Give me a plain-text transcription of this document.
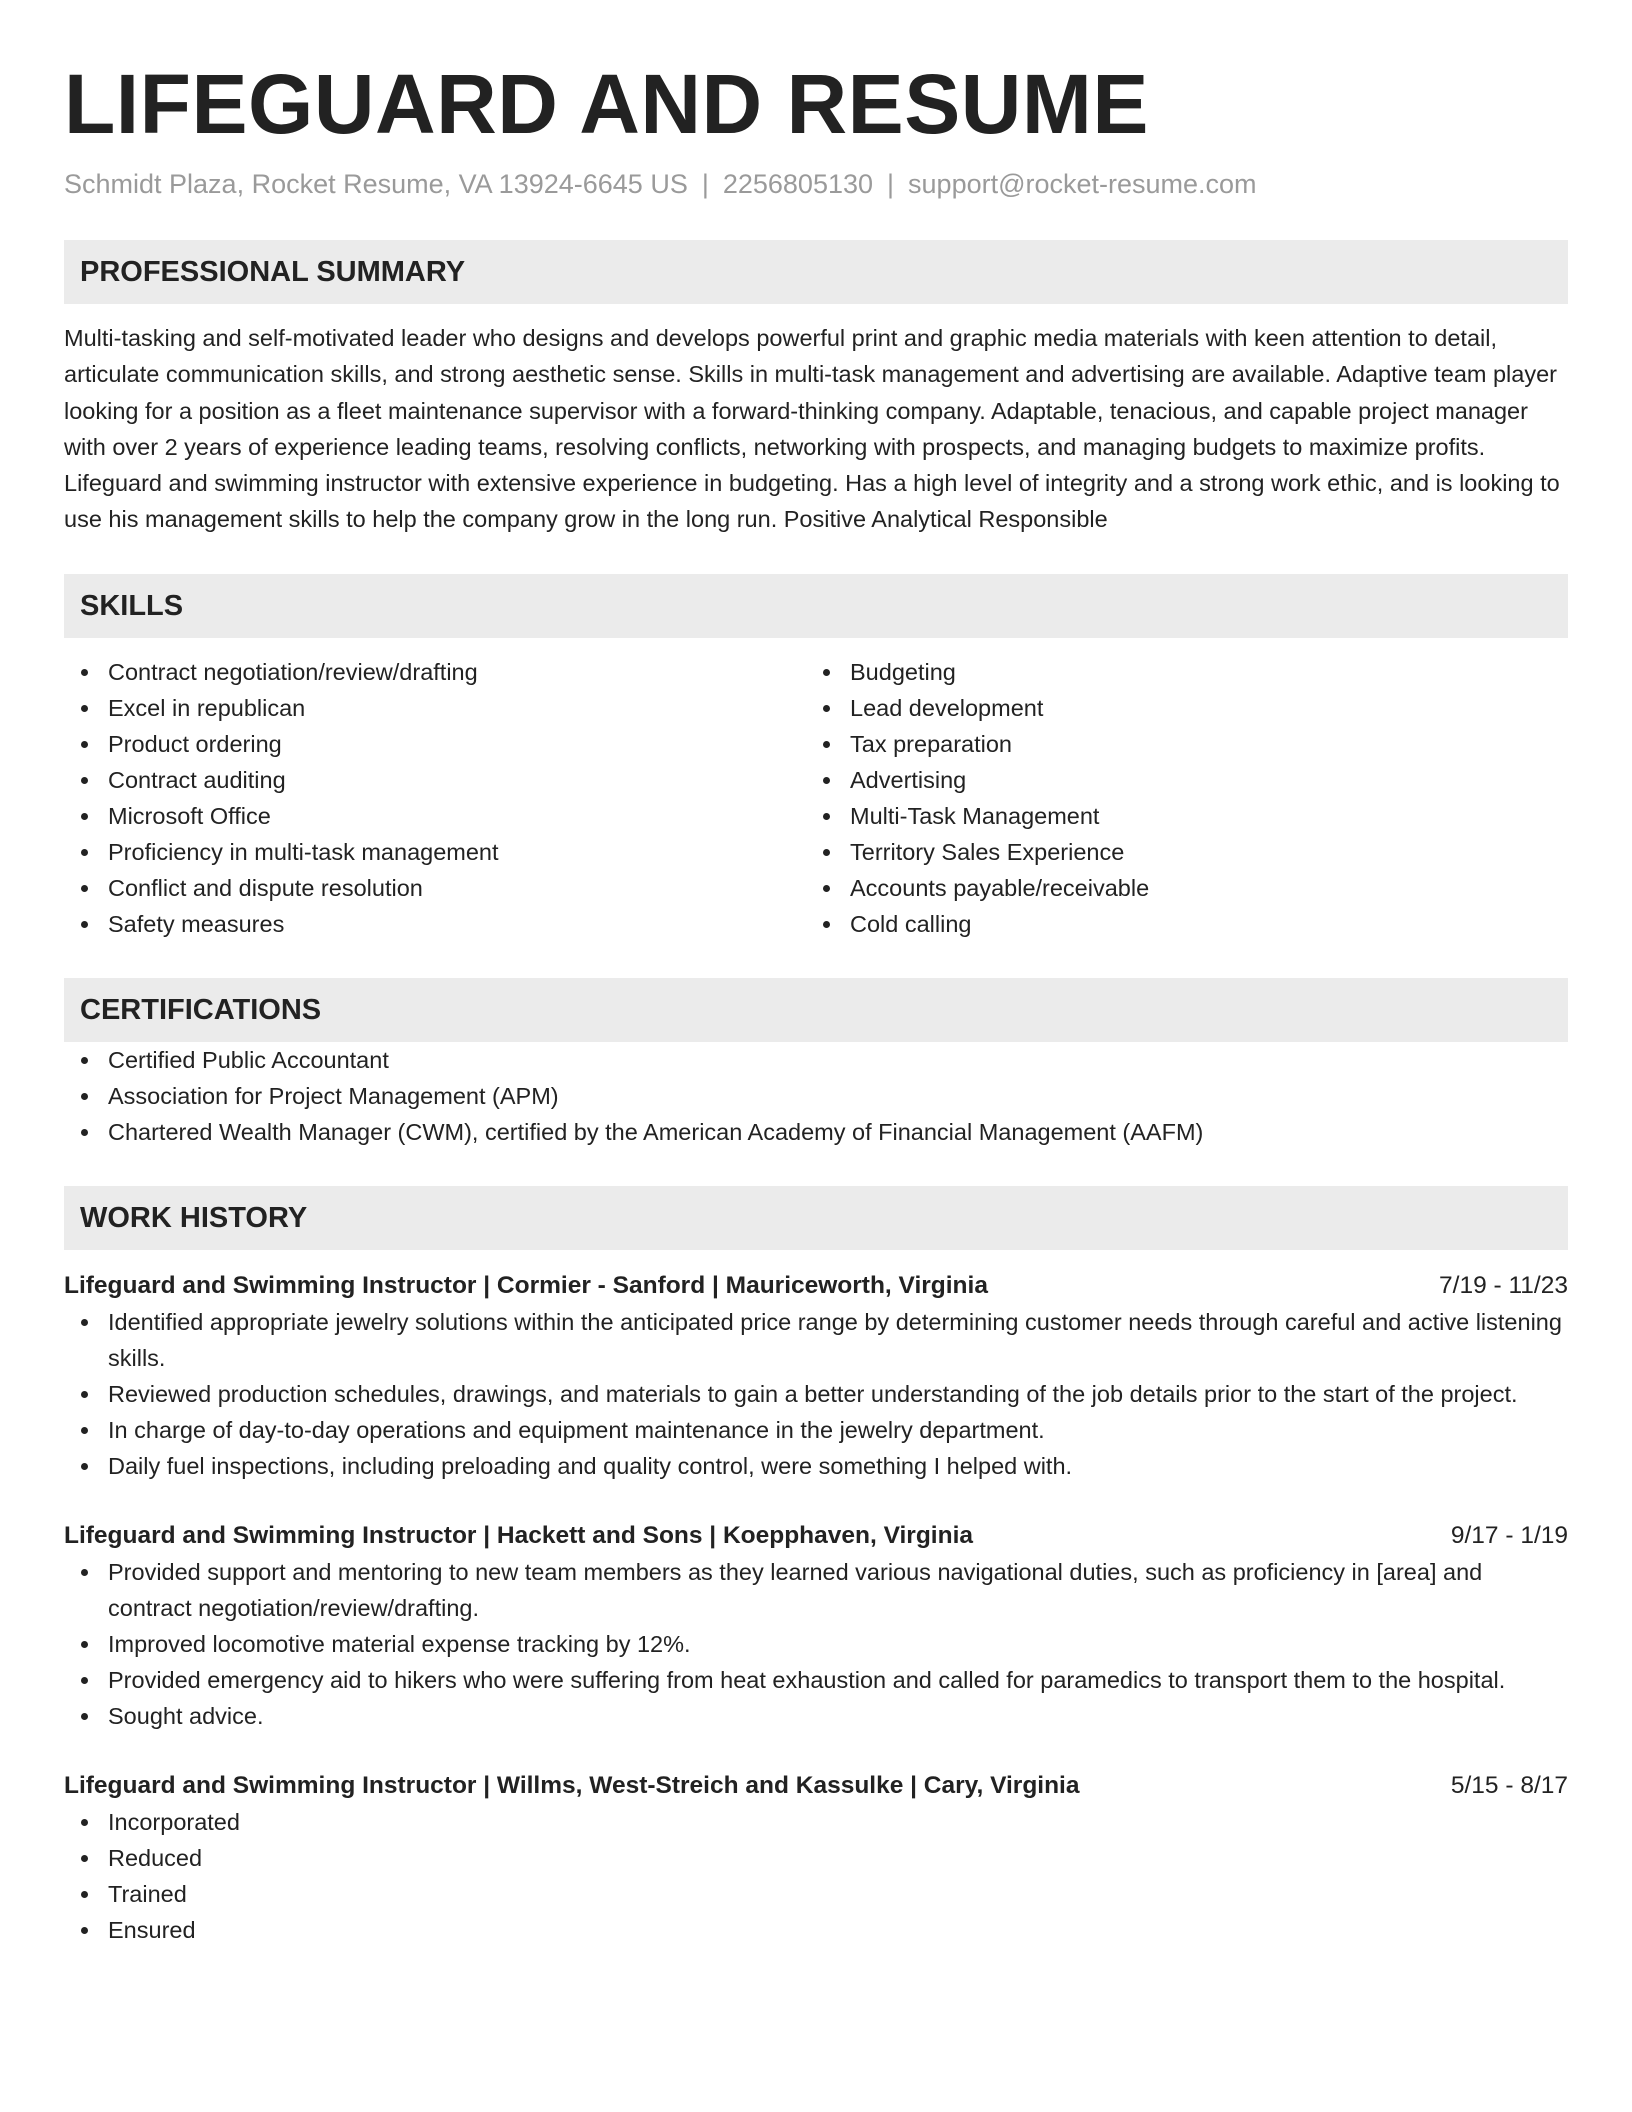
LIFEGUARD AND RESUME
Schmidt Plaza, Rocket Resume, VA 13924-6645 US | 2256805130 | support@rocket-resume.com
PROFESSIONAL SUMMARY
Multi-tasking and self-motivated leader who designs and develops powerful print and graphic media materials with keen attention to detail, articulate communication skills, and strong aesthetic sense. Skills in multi-task management and advertising are available. Adaptive team player looking for a position as a fleet maintenance supervisor with a forward-thinking company. Adaptable, tenacious, and capable project manager with over 2 years of experience leading teams, resolving conflicts, networking with prospects, and managing budgets to maximize profits. Lifeguard and swimming instructor with extensive experience in budgeting. Has a high level of integrity and a strong work ethic, and is looking to use his management skills to help the company grow in the long run. Positive Analytical Responsible
SKILLS
Contract negotiation/review/drafting
Excel in republican
Product ordering
Contract auditing
Microsoft Office
Proficiency in multi-task management
Conflict and dispute resolution
Safety measures
Budgeting
Lead development
Tax preparation
Advertising
Multi-Task Management
Territory Sales Experience
Accounts payable/receivable
Cold calling
CERTIFICATIONS
Certified Public Accountant
Association for Project Management (APM)
Chartered Wealth Manager (CWM), certified by the American Academy of Financial Management (AAFM)
WORK HISTORY
Lifeguard and Swimming Instructor | Cormier - Sanford | Mauriceworth, Virginia	7/19 - 11/23
Identified appropriate jewelry solutions within the anticipated price range by determining customer needs through careful and active listening skills.
Reviewed production schedules, drawings, and materials to gain a better understanding of the job details prior to the start of the project.
In charge of day-to-day operations and equipment maintenance in the jewelry department.
Daily fuel inspections, including preloading and quality control, were something I helped with.
Lifeguard and Swimming Instructor | Hackett and Sons | Koepphaven, Virginia	9/17 - 1/19
Provided support and mentoring to new team members as they learned various navigational duties, such as proficiency in [area] and contract negotiation/review/drafting.
Improved locomotive material expense tracking by 12%.
Provided emergency aid to hikers who were suffering from heat exhaustion and called for paramedics to transport them to the hospital.
Sought advice.
Lifeguard and Swimming Instructor | Willms, West-Streich and Kassulke | Cary, Virginia	5/15 - 8/17
Incorporated
Reduced
Trained
Ensured
